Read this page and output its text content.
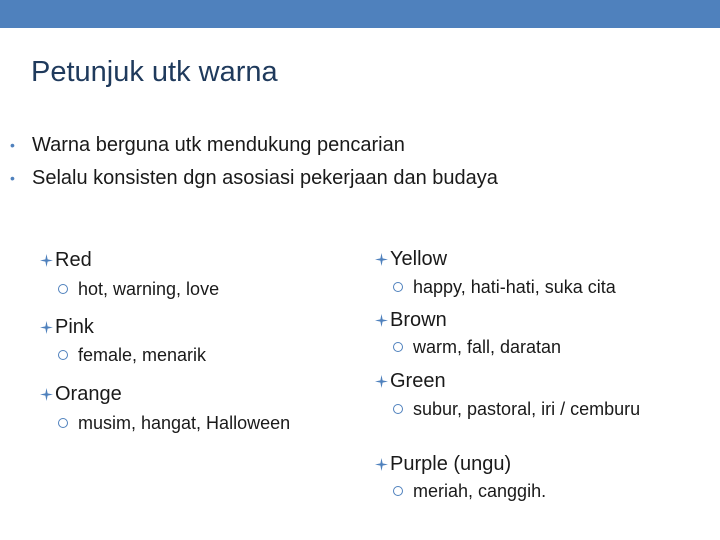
Petunjuk utk warna
• Warna berguna utk mendukung pencarian
• Selalu konsisten dgn asosiasi pekerjaan dan budaya
Red
hot, warning, love
Pink
female, menarik
Orange
musim, hangat, Halloween
Yellow
happy, hati-hati, suka cita
Brown
warm, fall, daratan
Green
subur, pastoral, iri / cemburu
Purple (ungu)
meriah, canggih.
